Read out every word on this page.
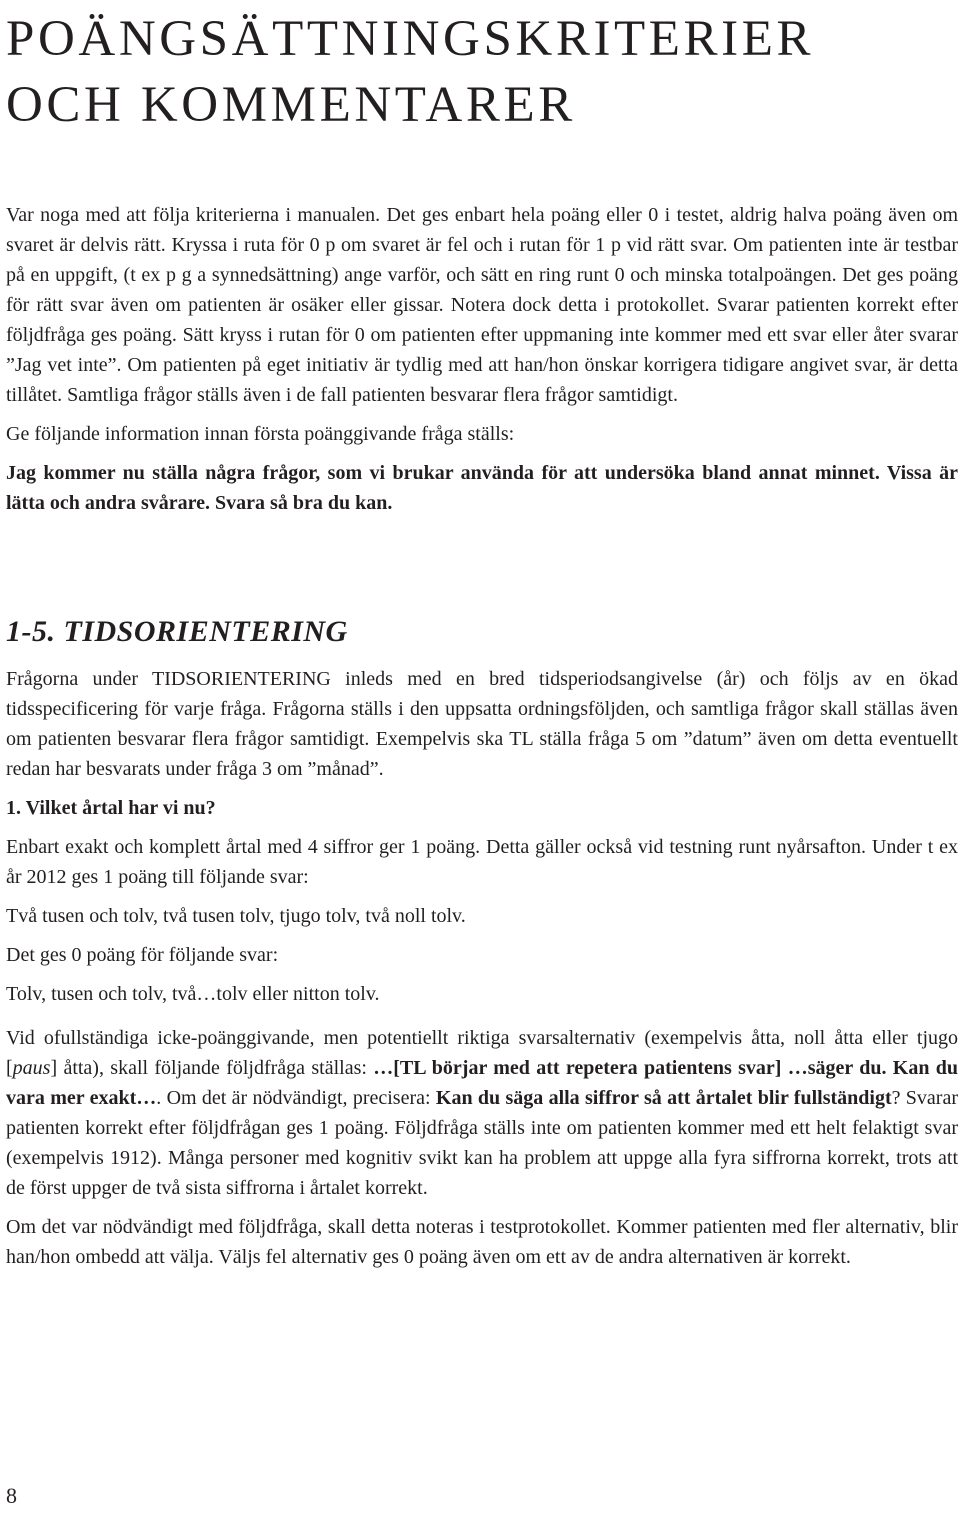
POÄNGSÄTTNINGSKRITERIER
OCH KOMMENTARER

Var noga med att följa kriterierna i manualen. Det ges enbart hela poäng eller 0 i testet, aldrig halva poäng även om svaret är delvis rätt. Kryssa i ruta för 0 p om svaret är fel och i rutan för 1 p vid rätt svar. Om patienten inte är testbar på en uppgift, (t ex p g a synnedsättning) ange varför, och sätt en ring runt 0 och minska totalpoängen. Det ges poäng för rätt svar även om patienten är osäker eller gissar. Notera dock detta i protokollet. Svarar patienten korrekt efter följdfråga ges poäng. Sätt kryss i rutan för 0 om patienten efter uppmaning inte kommer med ett svar eller åter svarar ”Jag vet inte”. Om patienten på eget initiativ är tydlig med att han/hon önskar korrigera tidigare angivet svar, är detta tillåtet. Samtliga frågor ställs även i de fall patienten besvarar flera frågor samtidigt.

Ge följande information innan första poänggivande fråga ställs:

Jag kommer nu ställa några frågor, som vi brukar använda för att undersöka bland annat minnet. Vissa är lätta och andra svårare. Svara så bra du kan.

1-5. TIDSORIENTERING

Frågorna under TIDSORIENTERING inleds med en bred tidsperiodsangivelse (år) och följs av en ökad tidsspecificering för varje fråga. Frågorna ställs i den uppsatta ordningsföljden, och samtliga frågor skall ställas även om patienten besvarar flera frågor samtidigt. Exempelvis ska TL ställa fråga 5 om ”datum” även om detta eventuellt redan har besvarats under fråga 3 om ”månad”.

1. Vilket årtal har vi nu?

Enbart exakt och komplett årtal med 4 siffror ger 1 poäng. Detta gäller också vid testning runt nyårsafton. Under t ex år 2012 ges 1 poäng till följande svar:

Två tusen och tolv, två tusen tolv, tjugo tolv, två noll tolv.

Det ges 0 poäng för följande svar:

Tolv, tusen och tolv, två…tolv eller nitton tolv.

Vid ofullständiga icke-poänggivande, men potentiellt riktiga svarsalternativ (exempelvis åtta, noll åtta eller tjugo [paus] åtta), skall följande följdfråga ställas: …[TL börjar med att repetera patientens svar] …säger du. Kan du vara mer exakt…. Om det är nödvändigt, precisera: Kan du säga alla siffror så att årtalet blir fullständigt? Svarar patienten korrekt efter följdfrågan ges 1 poäng. Följdfråga ställs inte om patienten kommer med ett helt felaktigt svar (exempelvis 1912). Många personer med kognitiv svikt kan ha problem att uppge alla fyra siffrorna korrekt, trots att de först uppger de två sista siffrorna i årtalet korrekt.

Om det var nödvändigt med följdfråga, skall detta noteras i testprotokollet. Kommer patienten med fler alternativ, blir han/hon ombedd att välja. Väljs fel alternativ ges 0 poäng även om ett av de andra alternativen är korrekt.

8
